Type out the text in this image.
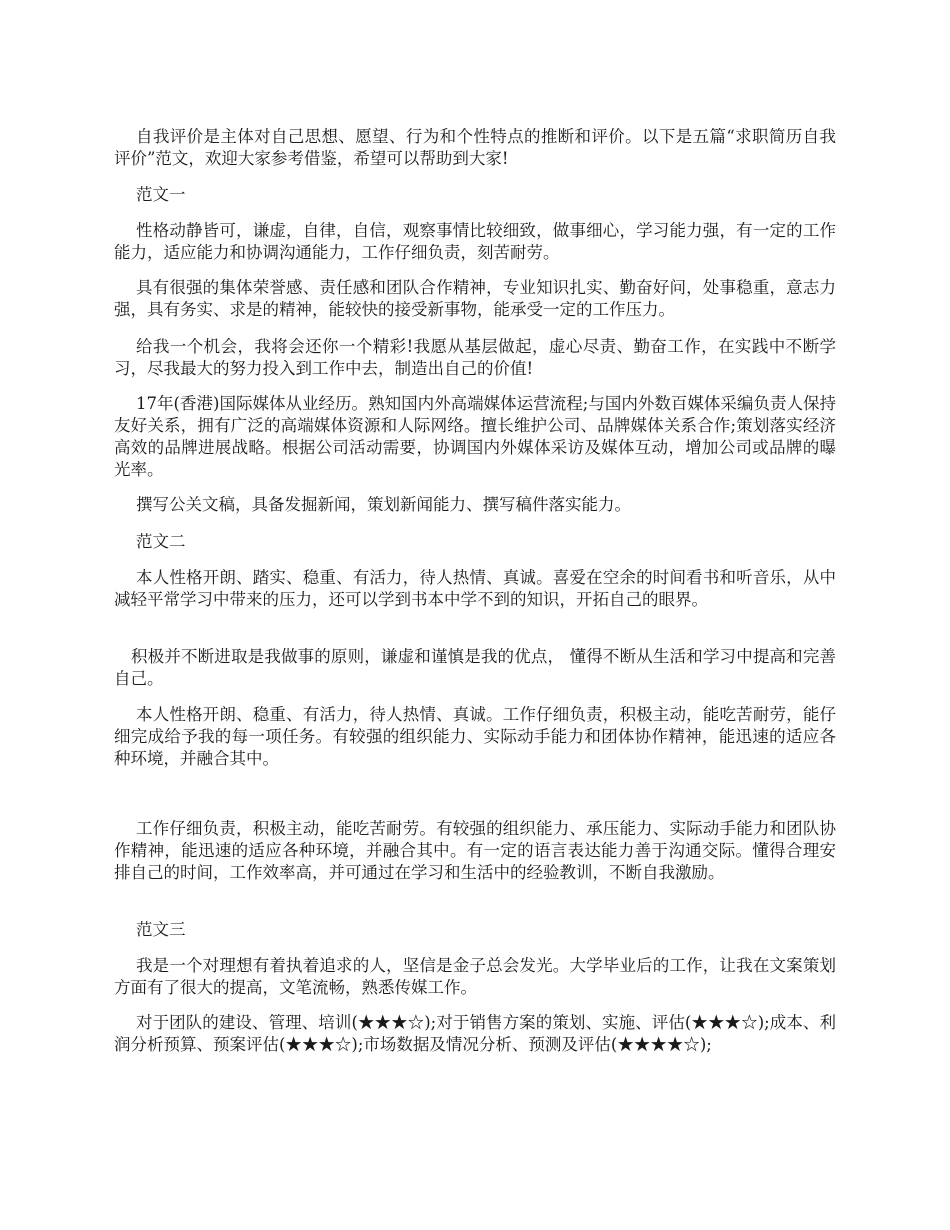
自我评价是主体对自己思想、愿望、行为和个性特点的推断和评价。以下是五篇“求职简历自我评价”范文，欢迎大家参考借鉴，希望可以帮助到大家!

范文一

性格动静皆可，谦虚，自律，自信，观察事情比较细致，做事细心，学习能力强，有一定的工作能力，适应能力和协调沟通能力，工作仔细负责，刻苦耐劳。

具有很强的集体荣誉感、责任感和团队合作精神，专业知识扎实、勤奋好问，处事稳重，意志力强，具有务实、求是的精神，能较快的接受新事物，能承受一定的工作压力。

给我一个机会，我将会还你一个精彩!我愿从基层做起，虚心尽责、勤奋工作，在实践中不断学习，尽我最大的努力投入到工作中去，制造出自己的价值!

17年(香港)国际媒体从业经历。熟知国内外高端媒体运营流程;与国内外数百媒体采编负责人保持友好关系，拥有广泛的高端媒体资源和人际网络。擅长维护公司、品牌媒体关系合作;策划落实经济高效的品牌进展战略。根据公司活动需要，协调国内外媒体采访及媒体互动，增加公司或品牌的曝光率。

撰写公关文稿，具备发掘新闻，策划新闻能力、撰写稿件落实能力。

范文二

本人性格开朗、踏实、稳重、有活力，待人热情、真诚。喜爱在空余的时间看书和听音乐，从中减轻平常学习中带来的压力，还可以学到书本中学不到的知识，开拓自己的眼界。

积极并不断进取是我做事的原则，谦虚和谨慎是我的优点， 懂得不断从生活和学习中提高和完善自己。

本人性格开朗、稳重、有活力，待人热情、真诚。工作仔细负责，积极主动，能吃苦耐劳，能仔细完成给予我的每一项任务。有较强的组织能力、实际动手能力和团体协作精神，能迅速的适应各种环境，并融合其中。

工作仔细负责，积极主动，能吃苦耐劳。有较强的组织能力、承压能力、实际动手能力和团队协作精神，能迅速的适应各种环境，并融合其中。有一定的语言表达能力善于沟通交际。懂得合理安排自己的时间，工作效率高，并可通过在学习和生活中的经验教训，不断自我激励。

范文三

我是一个对理想有着执着追求的人，坚信是金子总会发光。大学毕业后的工作，让我在文案策划方面有了很大的提高，文笔流畅，熟悉传媒工作。

对于团队的建设、管理、培训(★★★☆);对于销售方案的策划、实施、评估(★★★☆);成本、利润分析预算、预案评估(★★★☆);市场数据及情况分析、预测及评估(★★★★☆);
